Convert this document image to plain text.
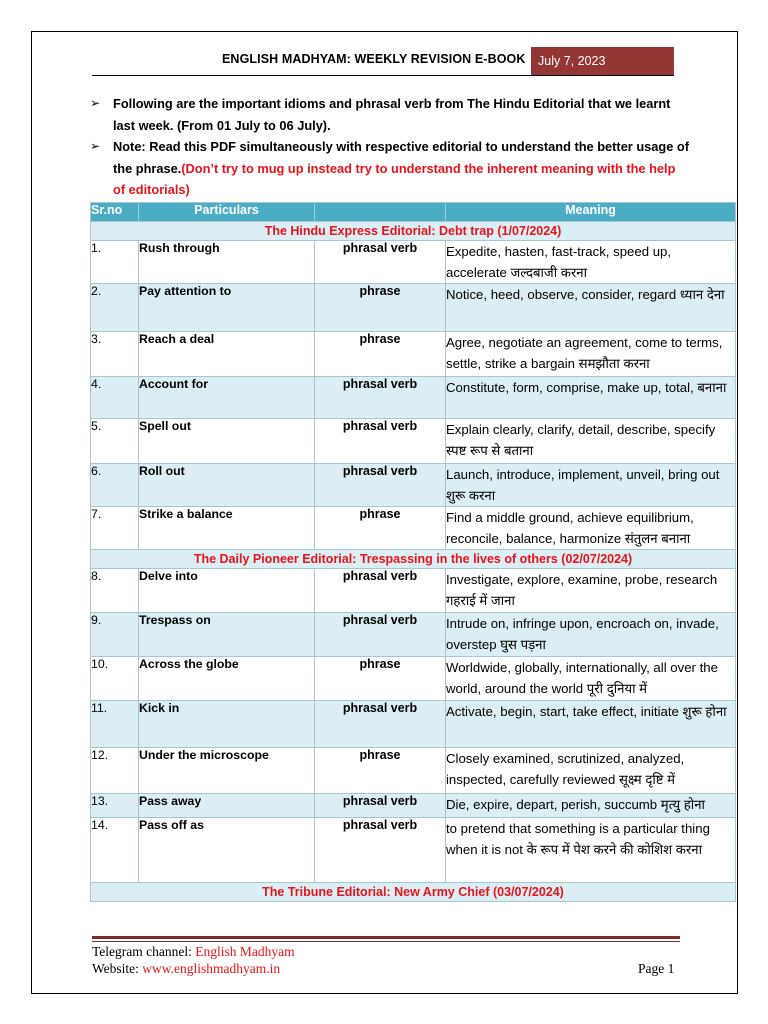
ENGLISH MADHYAM: WEEKLY REVISION E-BOOK	July 7, 2023
➢	Following are the important idioms and phrasal verb from The Hindu Editorial that we learnt last week. (From 01 July to 06 July).
➢	Note: Read this PDF simultaneously with respective editorial to understand the better usage of the phrase.(Don’t try to mug up instead try to understand the inherent meaning with the help of editorials)
Sr.no	Particulars		Meaning
The Hindu Express Editorial: Debt trap (1/07/2024)			
1.	Rush through	phrasal verb	Expedite, hasten, fast-track, speed up, accelerate जल्दबाजी करना
2.	Pay attention to	phrase	Notice, heed, observe, consider, regard ध्यान देना
3.	Reach a deal	phrase	Agree, negotiate an agreement, come to terms, settle, strike a bargain समझौता करना
4.	Account for	phrasal verb	Constitute, form, comprise, make up, total, बनाना
5.	Spell out	phrasal verb	Explain clearly, clarify, detail, describe, specify स्पष्ट रूप से बताना
6.	Roll out	phrasal verb	Launch, introduce, implement, unveil, bring out शुरू करना
7.	Strike a balance	phrase	Find a middle ground, achieve equilibrium, reconcile, balance, harmonize संतुलन बनाना
The Daily Pioneer Editorial: Trespassing in the lives of others (02/07/2024)			
8.	Delve into	phrasal verb	Investigate, explore, examine, probe, research गहराई में जाना
9.	Trespass on	phrasal verb	Intrude on, infringe upon, encroach on, invade, overstep घुस पड़ना
10.	Across the globe	phrase	Worldwide, globally, internationally, all over the world, around the world पूरी दुनिया में
11.	Kick in	phrasal verb	Activate, begin, start, take effect, initiate शुरू होना
12.	Under the microscope	phrase	Closely examined, scrutinized, analyzed, inspected, carefully reviewed सूक्ष्म दृष्टि में
13.	Pass away	phrasal verb	Die, expire, depart, perish, succumb मृत्यु होना
14.	Pass off as	phrasal verb	to pretend that something is a particular thing when it is not के रूप में पेश करने की कोशिश करना
The Tribune Editorial: New Army Chief (03/07/2024)			
Telegram channel: English Madhyam
Website: www.englishmadhyam.in	Page 1
